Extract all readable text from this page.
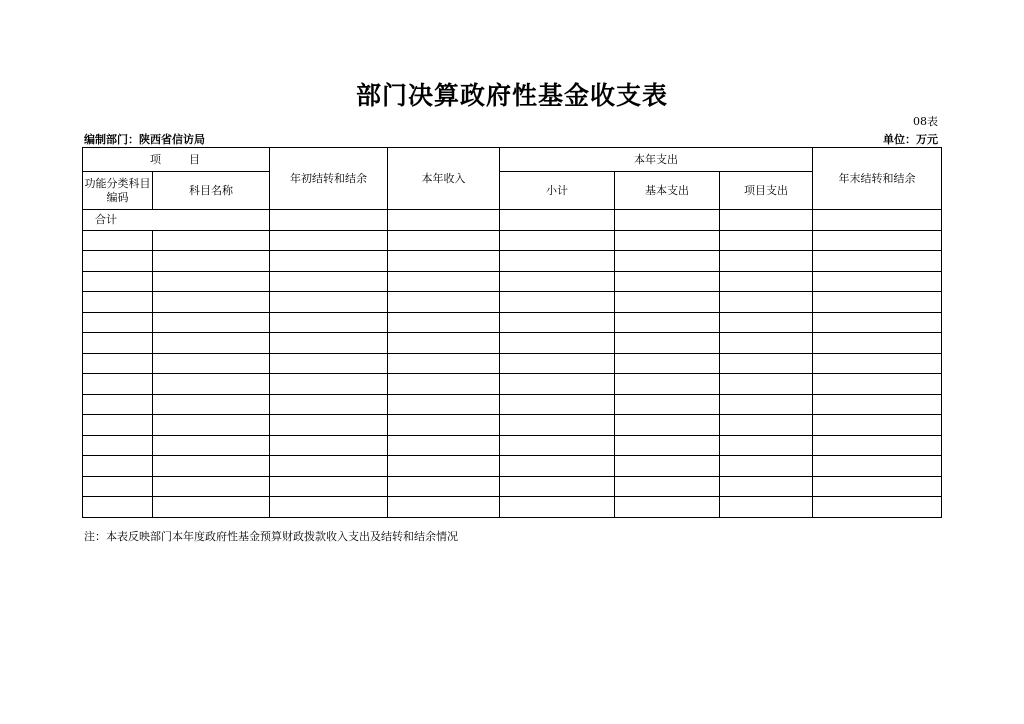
部门决算政府性基金收支表
08表
编制部门：陕西省信访局	单位：万元
项　　目		年初结转和结余	本年收入	本年支出			年末结转和结余
功能分类科目编码	科目名称			小计	基本支出	项目支出	
合计							

注：本表反映部门本年度政府性基金预算财政拨款收入支出及结转和结余情况
